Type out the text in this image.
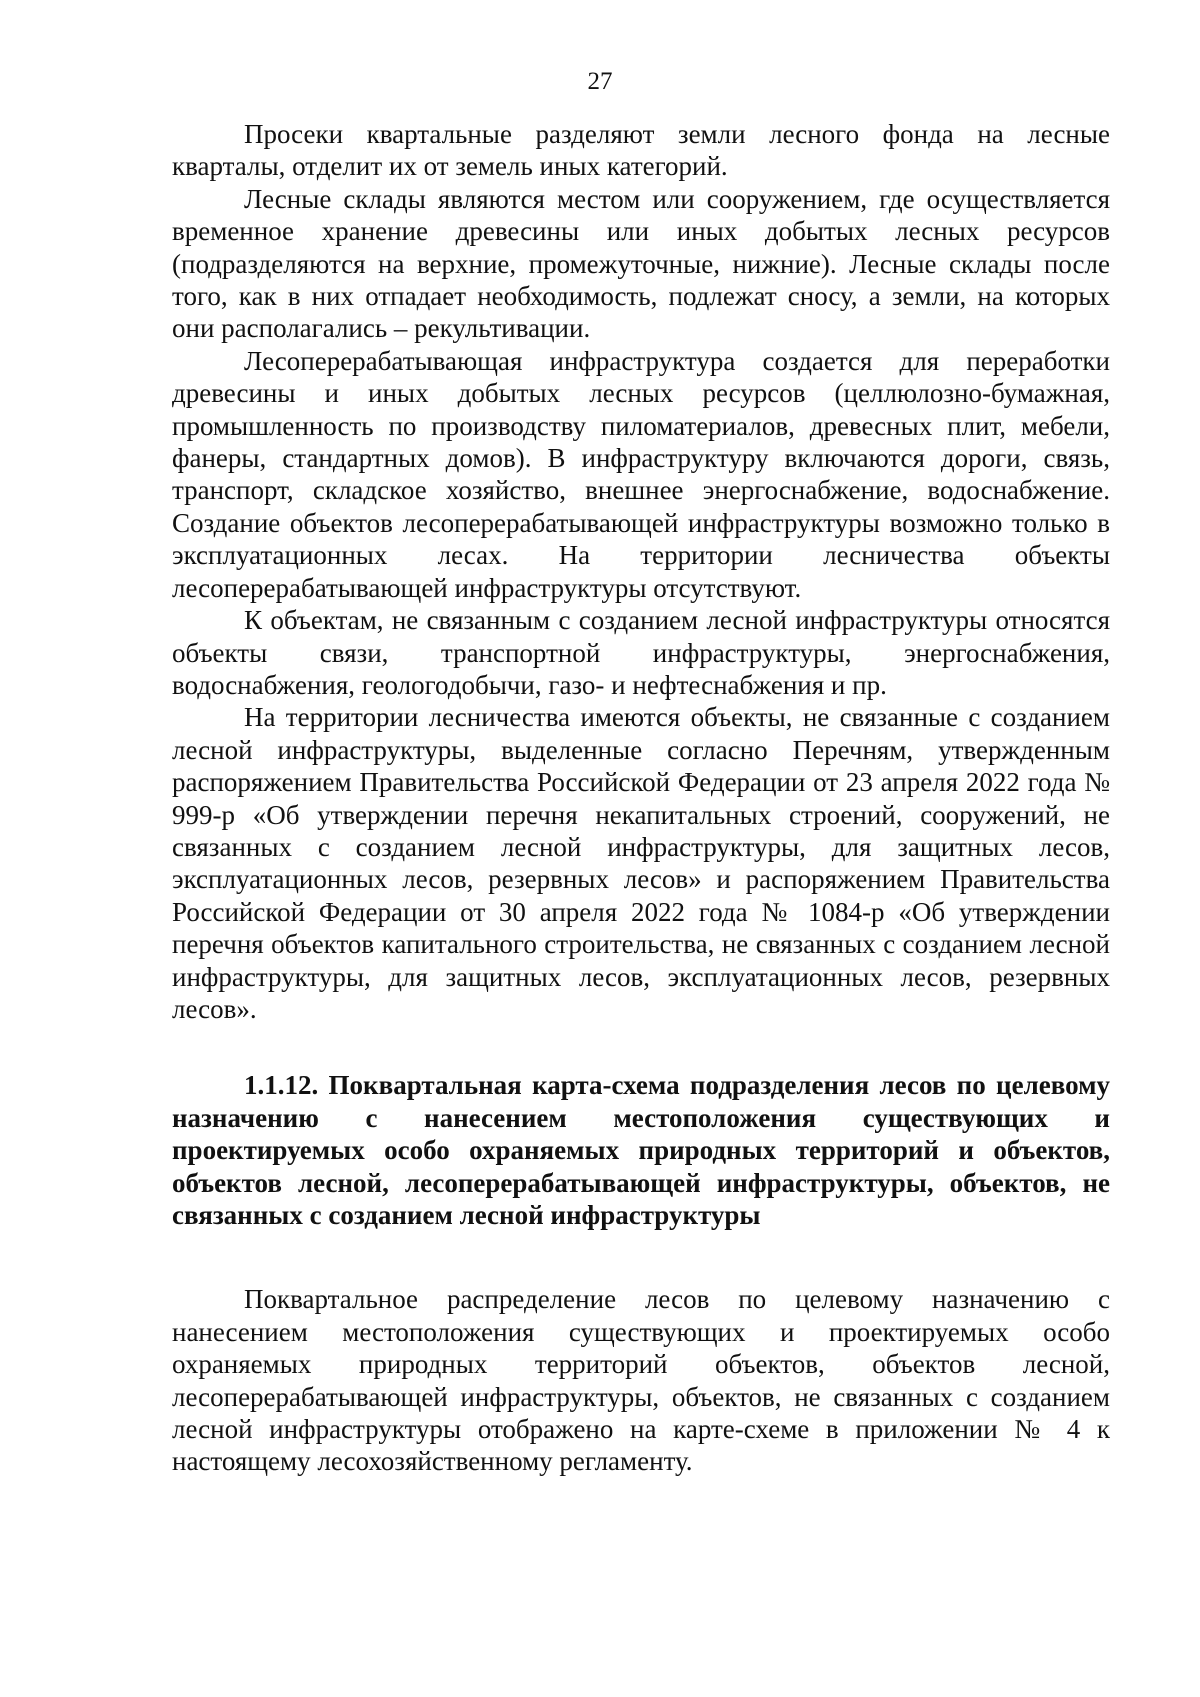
27

Просеки квартальные разделяют земли лесного фонда на лесные кварталы, отделит их от земель иных категорий.

Лесные склады являются местом или сооружением, где осуществляется временное хранение древесины или иных добытых лесных ресурсов (подразделяются на верхние, промежуточные, нижние). Лесные склады после того, как в них отпадает необходимость, подлежат сносу, а земли, на которых они располагались – рекультивации.

Лесоперерабатывающая инфраструктура создается для переработки древесины и иных добытых лесных ресурсов (целлюлозно-бумажная, промышленность по производству пиломатериалов, древесных плит, мебели, фанеры, стандартных домов). В инфраструктуру включаются дороги, связь, транспорт, складское хозяйство, внешнее энергоснабжение, водоснабжение. Создание объектов лесоперерабатывающей инфраструктуры возможно только в эксплуатационных лесах. На территории лесничества объекты лесоперерабатывающей инфраструктуры отсутствуют.

К объектам, не связанным с созданием лесной инфраструктуры относятся объекты связи, транспортной инфраструктуры, энергоснабжения, водоснабжения, геологодобычи, газо- и нефтеснабжения и пр.

На территории лесничества имеются объекты, не связанные с созданием лесной инфраструктуры, выделенные согласно Перечням, утвержденным распоряжением Правительства Российской Федерации от 23 апреля 2022 года № 999-р «Об утверждении перечня некапитальных строений, сооружений, не связанных с созданием лесной инфраструктуры, для защитных лесов, эксплуатационных лесов, резервных лесов» и распоряжением Правительства Российской Федерации от 30 апреля 2022 года № 1084-р «Об утверждении перечня объектов капитального строительства, не связанных с созданием лесной инфраструктуры, для защитных лесов, эксплуатационных лесов, резервных лесов».

1.1.12. Поквартальная карта-схема подразделения лесов по целевому назначению с нанесением местоположения существующих и проектируемых особо охраняемых природных территорий и объектов, объектов лесной, лесоперерабатывающей инфраструктуры, объектов, не связанных с созданием лесной инфраструктуры

Поквартальное распределение лесов по целевому назначению с нанесением местоположения существующих и проектируемых особо охраняемых природных территорий объектов, объектов лесной, лесоперерабатывающей инфраструктуры, объектов, не связанных с созданием лесной инфраструктуры отображено на карте-схеме в приложении № 4 к настоящему лесохозяйственному регламенту.
